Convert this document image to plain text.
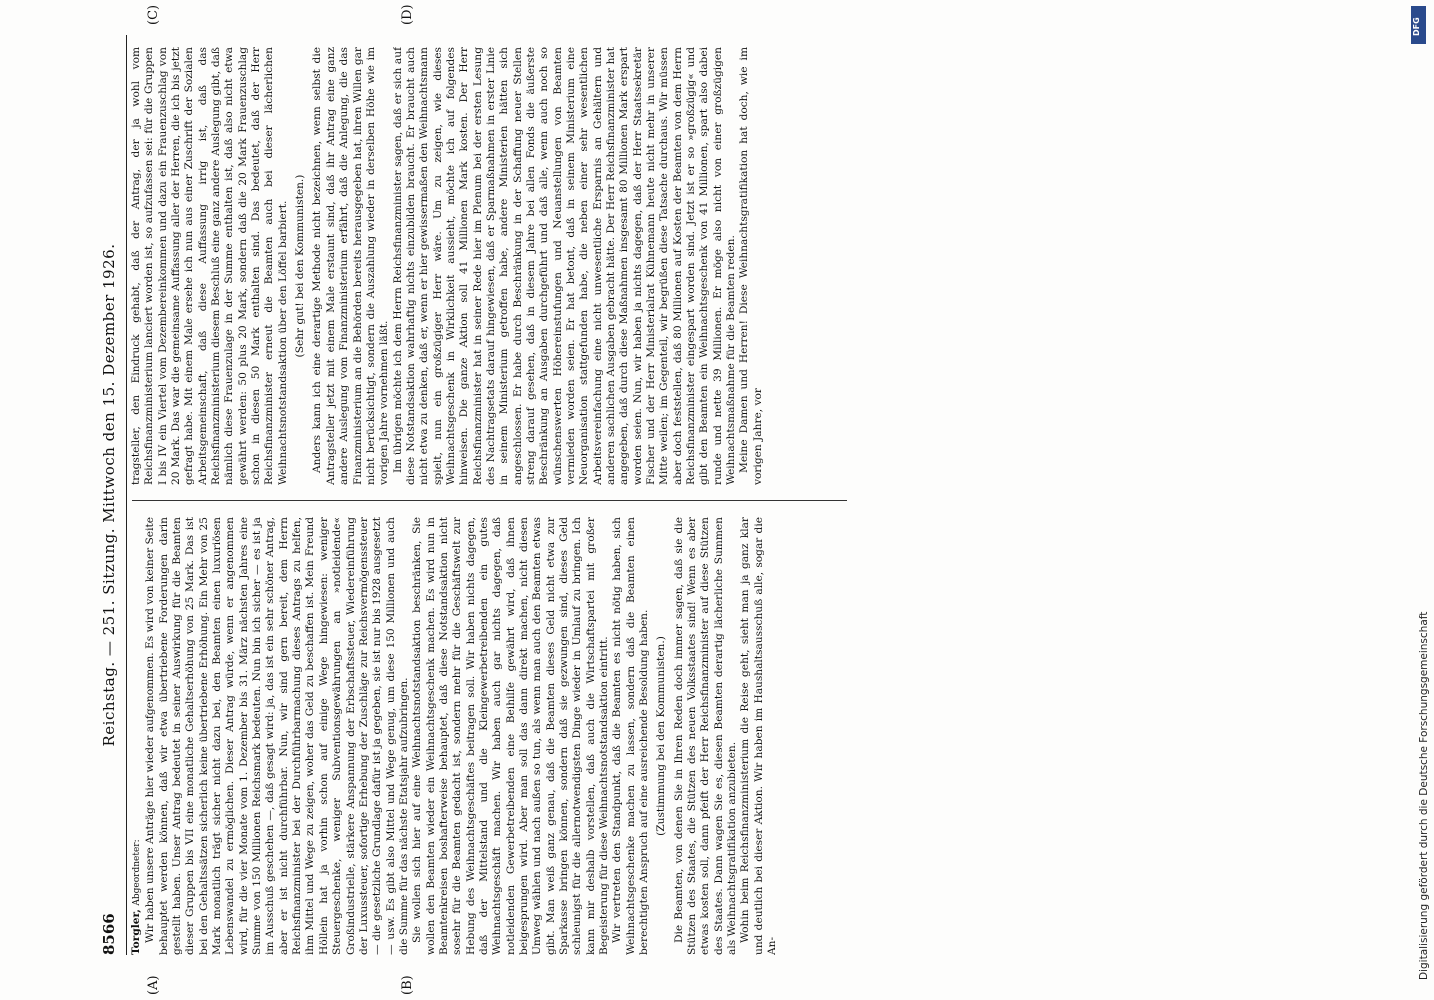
8566
Reichstag. — 251. Sitzung. Mittwoch den 15. Dezember 1926.
(A)	(B)
(C)	(D)

Torgler, Abgeordneter: Wir haben unsere Anträge hier wieder aufgenommen. Es wird von keiner Seite behauptet werden können, daß wir etwa übertriebene Forderungen darin gestellt haben. Unser Antrag bedeutet in seiner Auswirkung für die Beamten dieser Gruppen bis VII eine monatliche Gehaltserhöhung von 25 Mark. Das ist bei den Gehaltssätzen sicherlich keine übertriebene Erhöhung. Ein Mehr von 25 Mark monatlich trägt sicher nicht dazu bei, den Beamten einen luxuriösen Lebenswandel zu ermöglichen. Dieser Antrag würde, wenn er angenommen wird, für die vier Monate vom 1. Dezember bis 31. März nächsten Jahres eine Summe von 150 Millionen Reichsmark bedeuten. Nun bin ich sicher — es ist ja im Ausschuß geschehen —, daß gesagt wird: ja, das ist ein sehr schöner Antrag, aber er ist nicht durchführbar. Nun, wir sind gern bereit, dem Herrn Reichsfinanzminister bei der Durchführbarmachung dieses Antrags zu helfen, ihm Mittel und Wege zu zeigen, woher das Geld zu beschaffen ist. Mein Freund Höllein hat ja vorhin schon auf einige Wege hingewiesen: weniger Steuergeschenke, weniger Subventionsgewährungen an »notleidende« Großindustrielle, stärkere Anspannung der Erbschaftssteuer, Wiedereinführung der Luxussteuer, sofortige Erhebung der Zuschläge zur Reichsvermögenssteuer — die gesetzliche Grundlage dafür ist ja gegeben, sie ist nur bis 1928 ausgesetzt — usw. Es gibt also Mittel und Wege genug, um diese 150 Millionen und auch die Summe für das nächste Etatsjahr aufzubringen. Sie wollen sich hier auf eine Weihnachtsnotstandsaktion beschränken, Sie wollen den Beamten wieder ein Weihnachtsgeschenk machen. Es wird nun in Beamtenkreisen boshafterweise behauptet, daß diese Notstandsaktion nicht sosehr für die Beamten gedacht ist, sondern mehr für die Geschäftswelt zur Hebung des Weihnachtsgeschäftes beitragen soll. Wir haben nichts dagegen, daß der Mittelstand und die Kleingewerbetreibenden ein gutes Weihnachtsgeschäft machen. Wir haben auch gar nichts dagegen, daß notleidenden Gewerbetreibenden eine Beihilfe gewährt wird, daß ihnen beigesprungen wird. Aber man soll das dann direkt machen, nicht diesen Umweg wählen und nach außen so tun, als wenn man auch den Beamten etwas gibt. Man weiß ganz genau, daß die Beamten dieses Geld nicht etwa zur Sparkasse bringen können, sondern daß sie gezwungen sind, dieses Geld schleunigst für die allernotwendigsten Dinge wieder in Umlauf zu bringen. Ich kann mir deshalb vorstellen, daß auch die Wirtschaftspartei mit großer Begeisterung für diese Weihnachtsnotstandsaktion eintritt. Wir vertreten den Standpunkt, daß die Beamten es nicht nötig haben, sich Weihnachtsgeschenke machen zu lassen, sondern daß die Beamten einen berechtigten Anspruch auf eine ausreichende Besoldung haben. (Zustimmung bei den Kommunisten.) Die Beamten, von denen Sie in Ihren Reden doch immer sagen, daß sie die Stützen des Staates, die Stützen des neuen Volksstaates sind! Wenn es aber etwas kosten soll, dann pfeift der Herr Reichsfinanzminister auf diese Stützen des Staates. Dann wagen Sie es, diesen Beamten derartig lächerliche Summen als Weihnachtsgratifikation anzubieten. Wohin beim Reichsfinanzministerium die Reise geht, sieht man ja ganz klar und deutlich bei dieser Aktion. Wir haben im Haushaltsausschuß alle, sogar die An-

tragsteller, den Eindruck gehabt, daß der Antrag, der ja wohl vom Reichsfinanzministerium lanciert worden ist, so aufzufassen sei: für die Gruppen I bis IV ein Viertel vom Dezembereinkommen und dazu ein Frauenzuschlag von 20 Mark. Das war die gemeinsame Auffassung aller der Herren, die ich bis jetzt gefragt habe. Mit einem Male ersehe ich nun aus einer Zuschrift der Sozialen Arbeitsgemeinschaft, daß diese Auffassung irrig ist, daß das Reichsfinanzministerium diesem Beschluß eine ganz andere Auslegung gibt, daß nämlich diese Frauenzulage in der Summe enthalten ist, daß also nicht etwa gewährt werden: 50 plus 20 Mark, sondern daß die 20 Mark Frauenzuschlag schon in diesen 50 Mark enthalten sind. Das bedeutet, daß der Herr Reichsfinanzminister erneut die Beamten auch bei dieser lächerlichen Weihnachtsnotstandsaktion über den Löffel barbiert. (Sehr gut! bei den Kommunisten.) Anders kann ich eine derartige Methode nicht bezeichnen, wenn selbst die Antragsteller jetzt mit einem Male erstaunt sind, daß ihr Antrag eine ganz andere Auslegung vom Finanzministerium erfährt, daß die Anlegung, die das Finanzministerium an die Behörden bereits herausgegeben hat, ihren Willen gar nicht berücksichtigt, sondern die Auszahlung wieder in derselben Höhe wie im vorigen Jahre vornehmen läßt. Im übrigen möchte ich dem Herrn Reichsfinanzminister sagen, daß er sich auf diese Notstandsaktion wahrhaftig nichts einzubilden braucht. Er braucht auch nicht etwa zu denken, daß er, wenn er hier gewissermaßen den Weihnachtsmann spielt, nun ein großzügiger Herr wäre. Um zu zeigen, wie dieses Weihnachtsgeschenk in Wirklichkeit aussieht, möchte ich auf folgendes hinweisen. Die ganze Aktion soll 41 Millionen Mark kosten. Der Herr Reichsfinanzminister hat in seiner Rede hier im Plenum bei der ersten Lesung des Nachtragsetats darauf hingewiesen, daß er Sparmaßnahmen in erster Linie in seinem Ministerium getroffen habe, andere Ministerien hätten sich angeschlossen. Er habe durch Beschränkung in der Schaffung neuer Stellen streng darauf gesehen, daß in diesem Jahre bei allen Fonds die äußerste Beschränkung an Ausgaben durchgeführt und daß alle, wenn auch noch so wünschenswerten Höhereinstufungen und Neuanstellungen von Beamten vermieden worden seien. Er hat betont, daß in seinem Ministerium eine Neuorganisation stattgefunden habe, die neben einer sehr wesentlichen Arbeitsvereinfachung eine nicht unwesentliche Ersparnis an Gehältern und anderen sachlichen Ausgaben gebracht hätte. Der Herr Reichsfinanzminister hat angegeben, daß durch diese Maßnahmen insgesamt 80 Millionen Mark erspart worden seien. Nun, wir haben ja nichts dagegen, daß der Herr Staatssekretär Fischer und der Herr Ministerialrat Kühnemann heute nicht mehr in unserer Mitte weilen; im Gegenteil, wir begrüßen diese Tatsache durchaus. Wir müssen aber doch feststellen, daß 80 Millionen auf Kosten der Beamten von dem Herrn Reichsfinanzminister eingespart worden sind. Jetzt ist er so »großzügig« und gibt den Beamten ein Weihnachtsgeschenk von 41 Millionen, spart also dabei runde und nette 39 Millionen. Er möge also nicht von einer großzügigen Weihnachtsmaßnahme für die Beamten reden. Meine Damen und Herren! Diese Weihnachtsgratifikation hat doch, wie im vorigen Jahre, vor

Digitalisierung gefördert durch die Deutsche Forschungsgemeinschaft
DFG
